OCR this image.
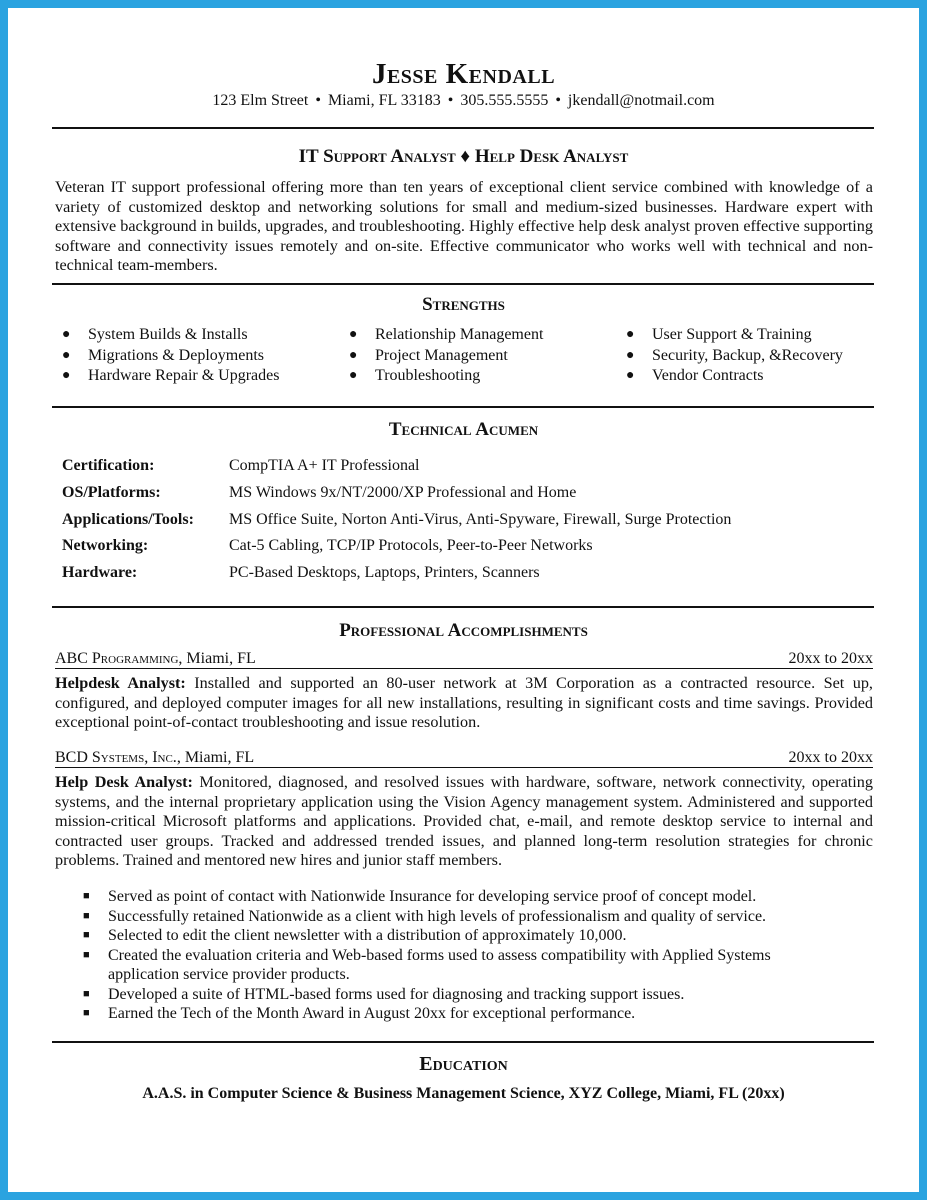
Jesse Kendall
123 Elm Street • Miami, FL 33183 • 305.555.5555 • jkendall@notmail.com
IT Support Analyst ♦ Help Desk Analyst
Veteran IT support professional offering more than ten years of exceptional client service combined with knowledge of a variety of customized desktop and networking solutions for small and medium-sized businesses. Hardware expert with extensive background in builds, upgrades, and troubleshooting. Highly effective help desk analyst proven effective supporting software and connectivity issues remotely and on-site. Effective communicator who works well with technical and non-technical team-members.
Strengths
● System Builds & Installs
● Migrations & Deployments
● Hardware Repair & Upgrades
● Relationship Management
● Project Management
● Troubleshooting
● User Support & Training
● Security, Backup, &Recovery
● Vendor Contracts
Technical Acumen
Certification:	CompTIA A+ IT Professional
OS/Platforms:	MS Windows 9x/NT/2000/XP Professional and Home
Applications/Tools: MS Office Suite, Norton Anti-Virus, Anti-Spyware, Firewall, Surge Protection
Networking:	Cat-5 Cabling, TCP/IP Protocols, Peer-to-Peer Networks
Hardware:	PC-Based Desktops, Laptops, Printers, Scanners
Professional Accomplishments
ABC Programming, Miami, FL	20xx to 20xx
Helpdesk Analyst: Installed and supported an 80-user network at 3M Corporation as a contracted resource. Set up, configured, and deployed computer images for all new installations, resulting in significant costs and time savings. Provided exceptional point-of-contact troubleshooting and issue resolution.
BCD Systems, Inc., Miami, FL	20xx to 20xx
Help Desk Analyst: Monitored, diagnosed, and resolved issues with hardware, software, network connectivity, operating systems, and the internal proprietary application using the Vision Agency management system. Administered and supported mission-critical Microsoft platforms and applications. Provided chat, e-mail, and remote desktop service to internal and contracted user groups. Tracked and addressed trended issues, and planned long-term resolution strategies for chronic problems. Trained and mentored new hires and junior staff members.
■ Served as point of contact with Nationwide Insurance for developing service proof of concept model.
■ Successfully retained Nationwide as a client with high levels of professionalism and quality of service.
■ Selected to edit the client newsletter with a distribution of approximately 10,000.
■ Created the evaluation criteria and Web-based forms used to assess compatibility with Applied Systems application service provider products.
■ Developed a suite of HTML-based forms used for diagnosing and tracking support issues.
■ Earned the Tech of the Month Award in August 20xx for exceptional performance.
Education
A.A.S. in Computer Science & Business Management Science, XYZ College, Miami, FL (20xx)
